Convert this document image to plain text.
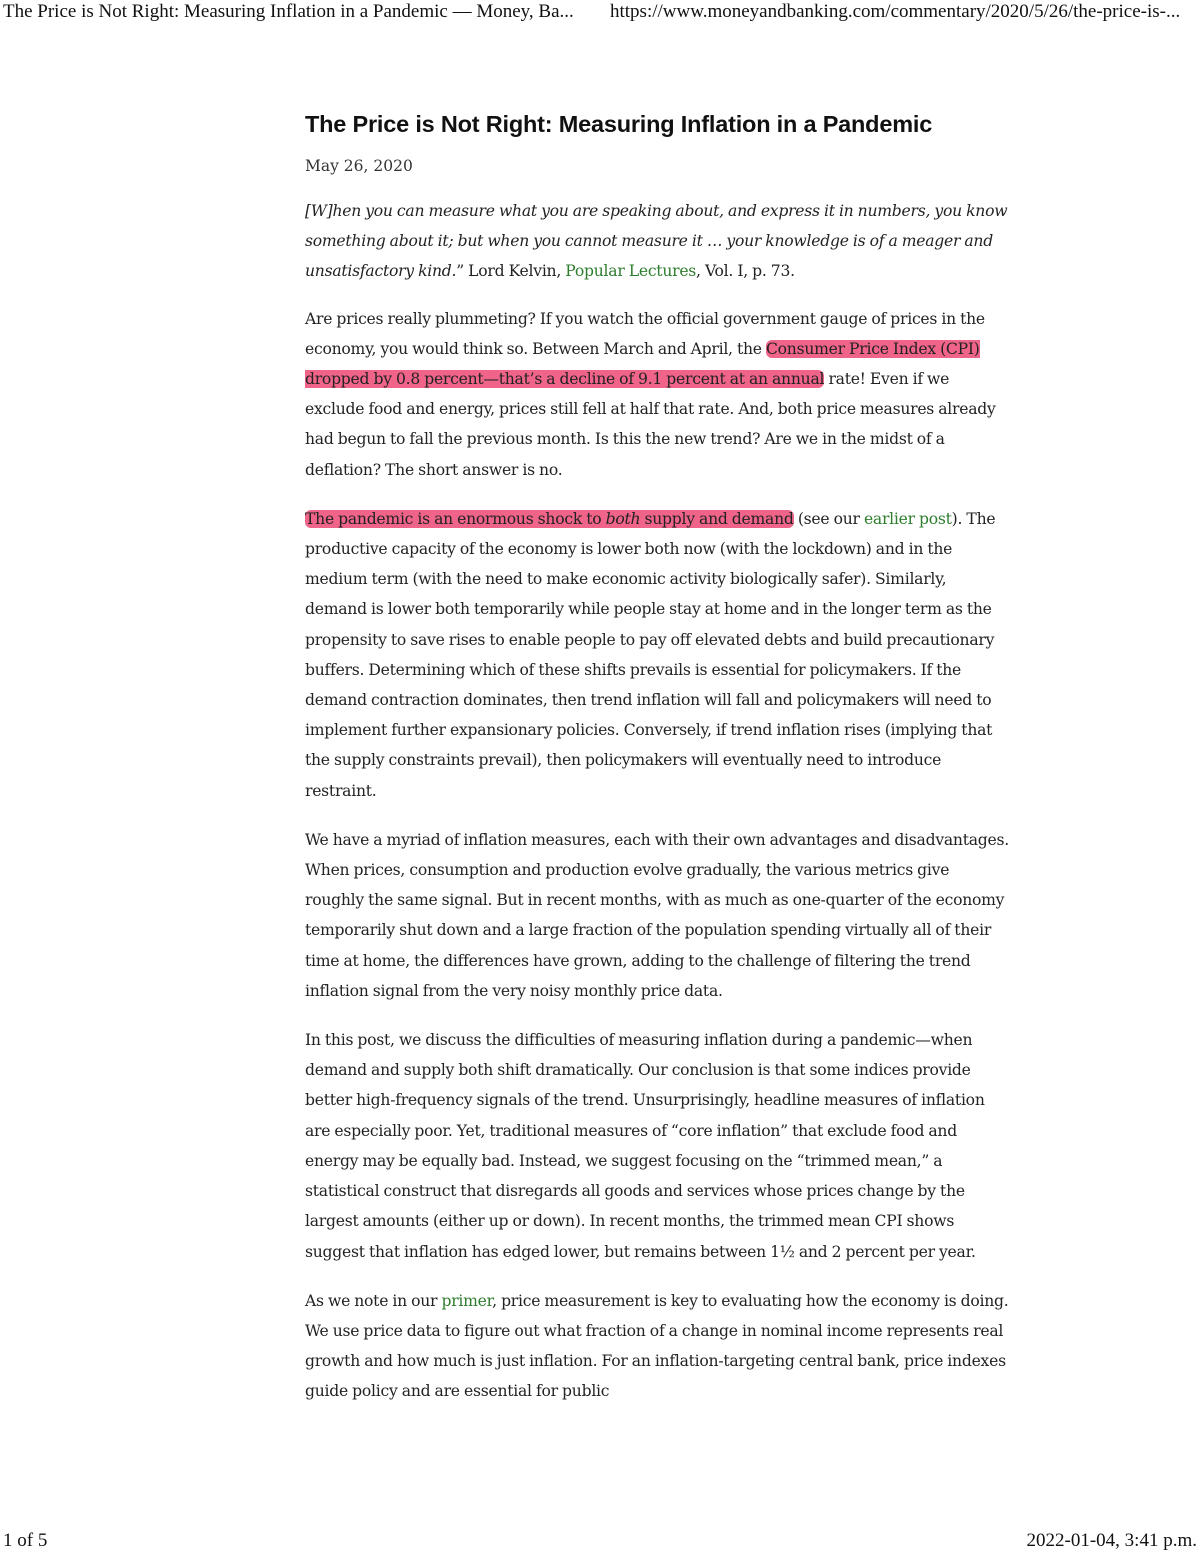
The Price is Not Right: Measuring Inflation in a Pandemic — Money, Ba...	https://www.moneyandbanking.com/commentary/2020/5/26/the-price-is-...
The Price is Not Right: Measuring Inflation in a Pandemic
May 26, 2020

[W]hen you can measure what you are speaking about, and express it in numbers, you know something about it; but when you cannot measure it … your knowledge is of a meager and unsatisfactory kind.” Lord Kelvin, Popular Lectures, Vol. I, p. 73.

Are prices really plummeting? If you watch the official government gauge of prices in the economy, you would think so. Between March and April, the Consumer Price Index (CPI) dropped by 0.8 percent—that’s a decline of 9.1 percent at an annual rate! Even if we exclude food and energy, prices still fell at half that rate. And, both price measures already had begun to fall the previous month. Is this the new trend? Are we in the midst of a deflation? The short answer is no.

The pandemic is an enormous shock to both supply and demand (see our earlier post). The productive capacity of the economy is lower both now (with the lockdown) and in the medium term (with the need to make economic activity biologically safer). Similarly, demand is lower both temporarily while people stay at home and in the longer term as the propensity to save rises to enable people to pay off elevated debts and build precautionary buffers. Determining which of these shifts prevails is essential for policymakers. If the demand contraction dominates, then trend inflation will fall and policymakers will need to implement further expansionary policies. Conversely, if trend inflation rises (implying that the supply constraints prevail), then policymakers will eventually need to introduce restraint.

We have a myriad of inflation measures, each with their own advantages and disadvantages. When prices, consumption and production evolve gradually, the various metrics give roughly the same signal. But in recent months, with as much as one-quarter of the economy temporarily shut down and a large fraction of the population spending virtually all of their time at home, the differences have grown, adding to the challenge of filtering the trend inflation signal from the very noisy monthly price data.

In this post, we discuss the difficulties of measuring inflation during a pandemic—when demand and supply both shift dramatically. Our conclusion is that some indices provide better high-frequency signals of the trend. Unsurprisingly, headline measures of inflation are especially poor. Yet, traditional measures of “core inflation” that exclude food and energy may be equally bad. Instead, we suggest focusing on the “trimmed mean,” a statistical construct that disregards all goods and services whose prices change by the largest amounts (either up or down). In recent months, the trimmed mean CPI shows suggest that inflation has edged lower, but remains between 1½ and 2 percent per year.

As we note in our primer, price measurement is key to evaluating how the economy is doing. We use price data to figure out what fraction of a change in nominal income represents real growth and how much is just inflation. For an inflation-targeting central bank, price indexes guide policy and are essential for public

1 of 5	2022-01-04, 3:41 p.m.
